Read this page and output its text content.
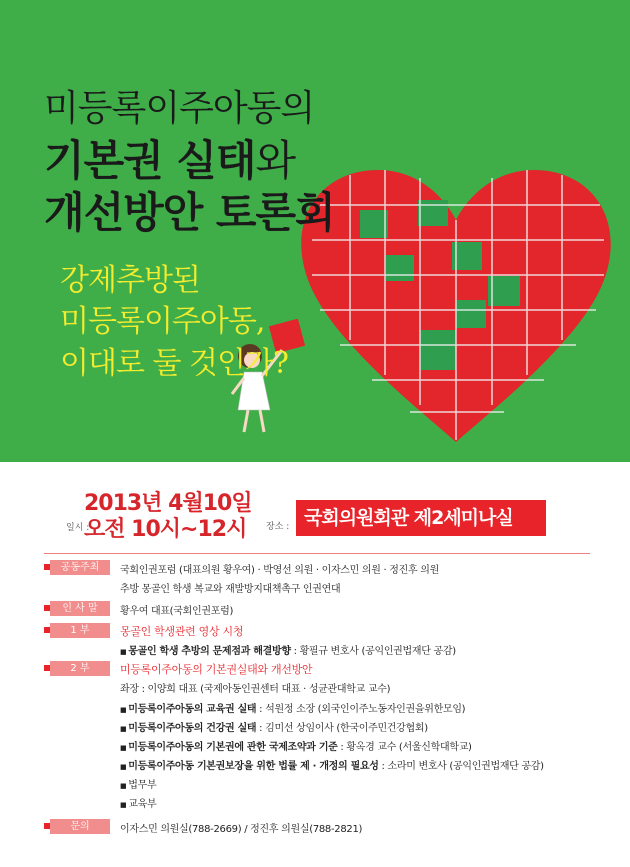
미등록이주아동의
기본권 실태와
개선방안 토론회
강제추방된
미등록이주아동,
이대로 둘 것인가?
2013년 4월10일
일시 :
오전 10시~12시 장소 : 국회의원회관 제2세미나실
공동주최	국회인권포럼 (대표의원 황우여) · 박영선 의원 · 이자스민 의원 · 정진후 의원
추방 몽골인 학생 복교와 재발방지대책촉구 인권연대
인 사 말	황우여 대표(국회인권포럼)
1 부	몽골인 학생관련 영상 시청
■ 몽골인 학생 추방의 문제점과 해결방향 : 황필규 변호사 (공익인권법재단 공감)
2 부	미등록이주아동의 기본권실태와 개선방안
좌장 : 이양희 대표 (국제아동인권센터 대표 · 성균관대학교 교수)
■ 미등록이주아동의 교육권 실태 : 석원정 소장 (외국인이주노동자인권을위한모임)
■ 미등록이주아동의 건강권 실태 : 김미선 상임이사 (한국이주민건강협회)
■ 미등록이주아동의 기본권에 관한 국제조약과 기준 : 황옥경 교수 (서울신학대학교)
■ 미등록이주아동 기본권보장을 위한 법률 제 · 개정의 필요성 : 소라미 변호사 (공익인권법재단 공감)
■ 법무부
■ 교육부
문의	이자스민 의원실(788-2669) / 정진후 의원실(788-2821)
